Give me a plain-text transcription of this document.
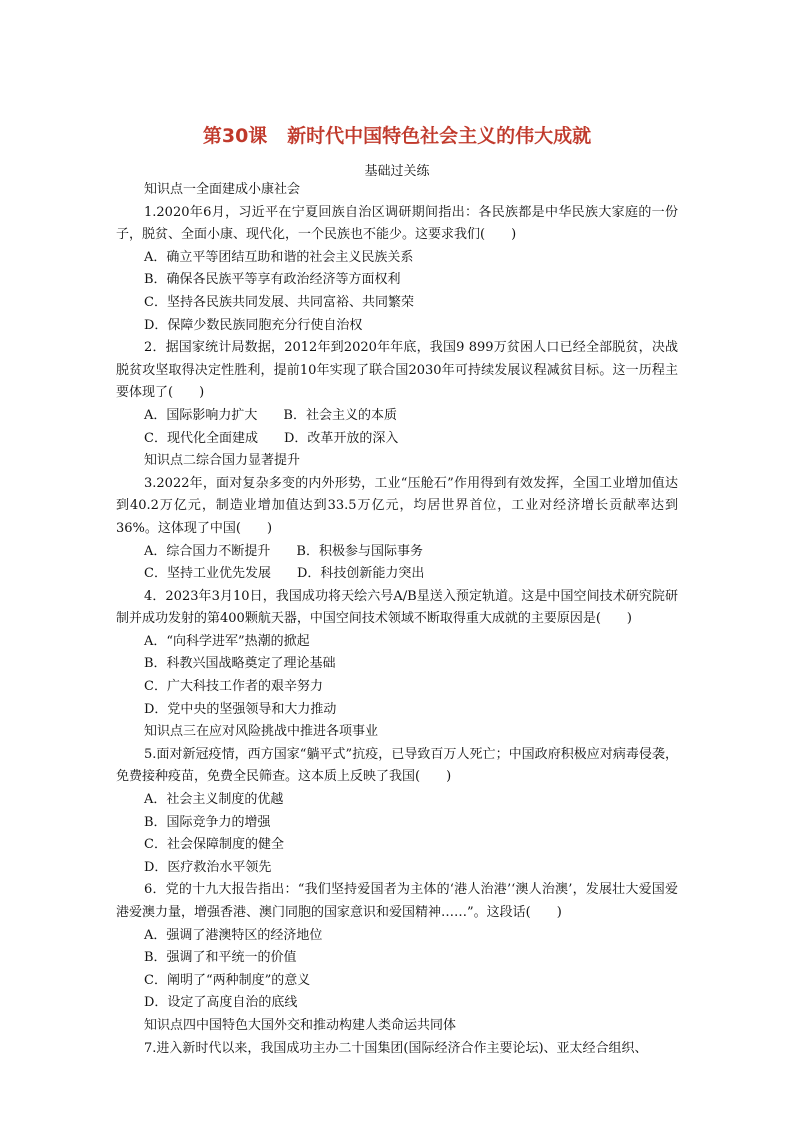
第30课   新时代中国特色社会主义的伟大成就
基础过关练
知识点一全面建成小康社会
1.2020年6月，习近平在宁夏回族自治区调研期间指出：各民族都是中华民族大家庭的一份子，脱贫、全面小康、现代化，一个民族也不能少。这要求我们(　　)
A．确立平等团结互助和谐的社会主义民族关系
B．确保各民族平等享有政治经济等方面权利
C．坚持各民族共同发展、共同富裕、共同繁荣
D．保障少数民族同胞充分行使自治权
2．据国家统计局数据，2012年到2020年年底，我国9 899万贫困人口已经全部脱贫，决战脱贫攻坚取得决定性胜利，提前10年实现了联合国2030年可持续发展议程减贫目标。这一历程主要体现了(　　)
A．国际影响力扩大　　B．社会主义的本质
C．现代化全面建成　　D．改革开放的深入
知识点二综合国力显著提升
3.2022年，面对复杂多变的内外形势，工业“压舱石”作用得到有效发挥，全国工业增加值达到40.2万亿元，制造业增加值达到33.5万亿元，均居世界首位，工业对经济增长贡献率达到36%。这体现了中国(　　)
A．综合国力不断提升　　B．积极参与国际事务
C．坚持工业优先发展　　D．科技创新能力突出
4．2023年3月10日，我国成功将天绘六号A/B星送入预定轨道。这是中国空间技术研究院研制并成功发射的第400颗航天器，中国空间技术领域不断取得重大成就的主要原因是(　　)
A．“向科学进军”热潮的掀起
B．科教兴国战略奠定了理论基础
C．广大科技工作者的艰辛努力
D．党中央的坚强领导和大力推动
知识点三在应对风险挑战中推进各项事业
5.面对新冠疫情，西方国家“躺平式”抗疫，已导致百万人死亡；中国政府积极应对病毒侵袭，免费接种疫苗，免费全民筛查。这本质上反映了我国(　　)
A．社会主义制度的优越
B．国际竞争力的增强
C．社会保障制度的健全
D．医疗救治水平领先
6．党的十九大报告指出：“我们坚持爱国者为主体的‘港人治港’‘澳人治澳’，发展壮大爱国爱港爱澳力量，增强香港、澳门同胞的国家意识和爱国精神……”。这段话(　　)
A．强调了港澳特区的经济地位
B．强调了和平统一的价值
C．阐明了“两种制度”的意义
D．设定了高度自治的底线
知识点四中国特色大国外交和推动构建人类命运共同体
7.进入新时代以来，我国成功主办二十国集团(国际经济合作主要论坛)、亚太经合组织、
